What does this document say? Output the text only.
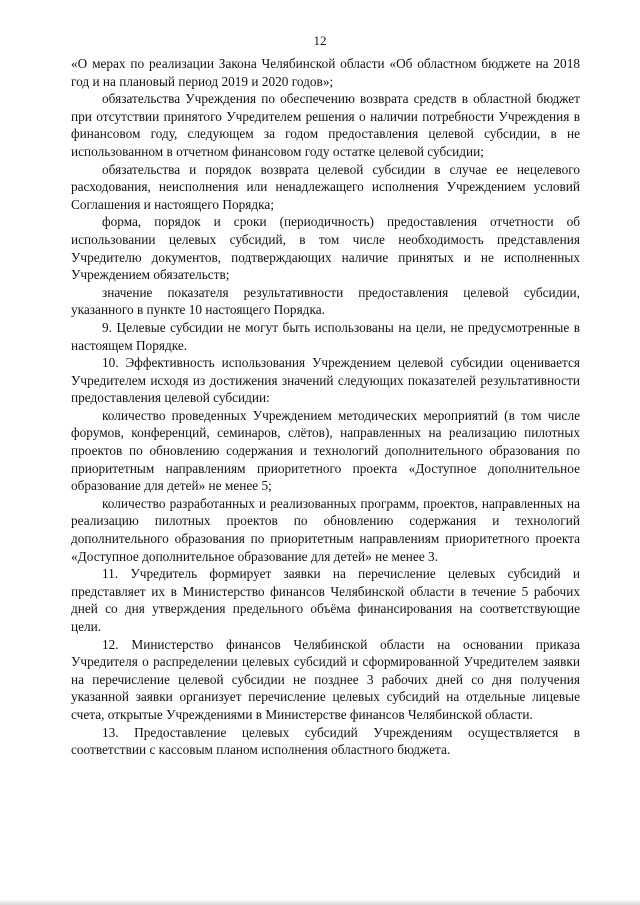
12

«О мерах по реализации Закона Челябинской области «Об областном бюджете на 2018 год и на плановый период 2019 и 2020 годов»;

обязательства Учреждения по обеспечению возврата средств в областной бюджет при отсутствии принятого Учредителем решения о наличии потребности Учреждения в финансовом году, следующем за годом предоставления целевой субсидии, в не использованном в отчетном финансовом году остатке целевой субсидии;

обязательства и порядок возврата целевой субсидии в случае ее нецелевого расходования, неисполнения или ненадлежащего исполнения Учреждением условий Соглашения и настоящего Порядка;

форма, порядок и сроки (периодичность) предоставления отчетности об использовании целевых субсидий, в том числе необходимость представления Учредителю документов, подтверждающих наличие принятых и не исполненных Учреждением обязательств;

значение показателя результативности предоставления целевой субсидии, указанного в пункте 10 настоящего Порядка.

9. Целевые субсидии не могут быть использованы на цели, не предусмотренные в настоящем Порядке.

10. Эффективность использования Учреждением целевой субсидии оценивается Учредителем исходя из достижения значений следующих показателей результативности предоставления целевой субсидии:

количество проведенных Учреждением методических мероприятий (в том числе форумов, конференций, семинаров, слётов), направленных на реализацию пилотных проектов по обновлению содержания и технологий дополнительного образования по приоритетным направлениям приоритетного проекта «Доступное дополнительное образование для детей» не менее 5;

количество разработанных и реализованных программ, проектов, направленных на реализацию пилотных проектов по обновлению содержания и технологий дополнительного образования по приоритетным направлениям приоритетного проекта «Доступное дополнительное образование для детей» не менее 3.

11. Учредитель формирует заявки на перечисление целевых субсидий и представляет их в Министерство финансов Челябинской области в течение 5 рабочих дней со дня утверждения предельного объёма финансирования на соответствующие цели.

12. Министерство финансов Челябинской области на основании приказа Учредителя о распределении целевых субсидий и сформированной Учредителем заявки на перечисление целевой субсидии не позднее 3 рабочих дней со дня получения указанной заявки организует перечисление целевых субсидий на отдельные лицевые счета, открытые Учреждениями в Министерстве финансов Челябинской области.

13. Предоставление целевых субсидий Учреждениям осуществляется в соответствии с кассовым планом исполнения областного бюджета.
